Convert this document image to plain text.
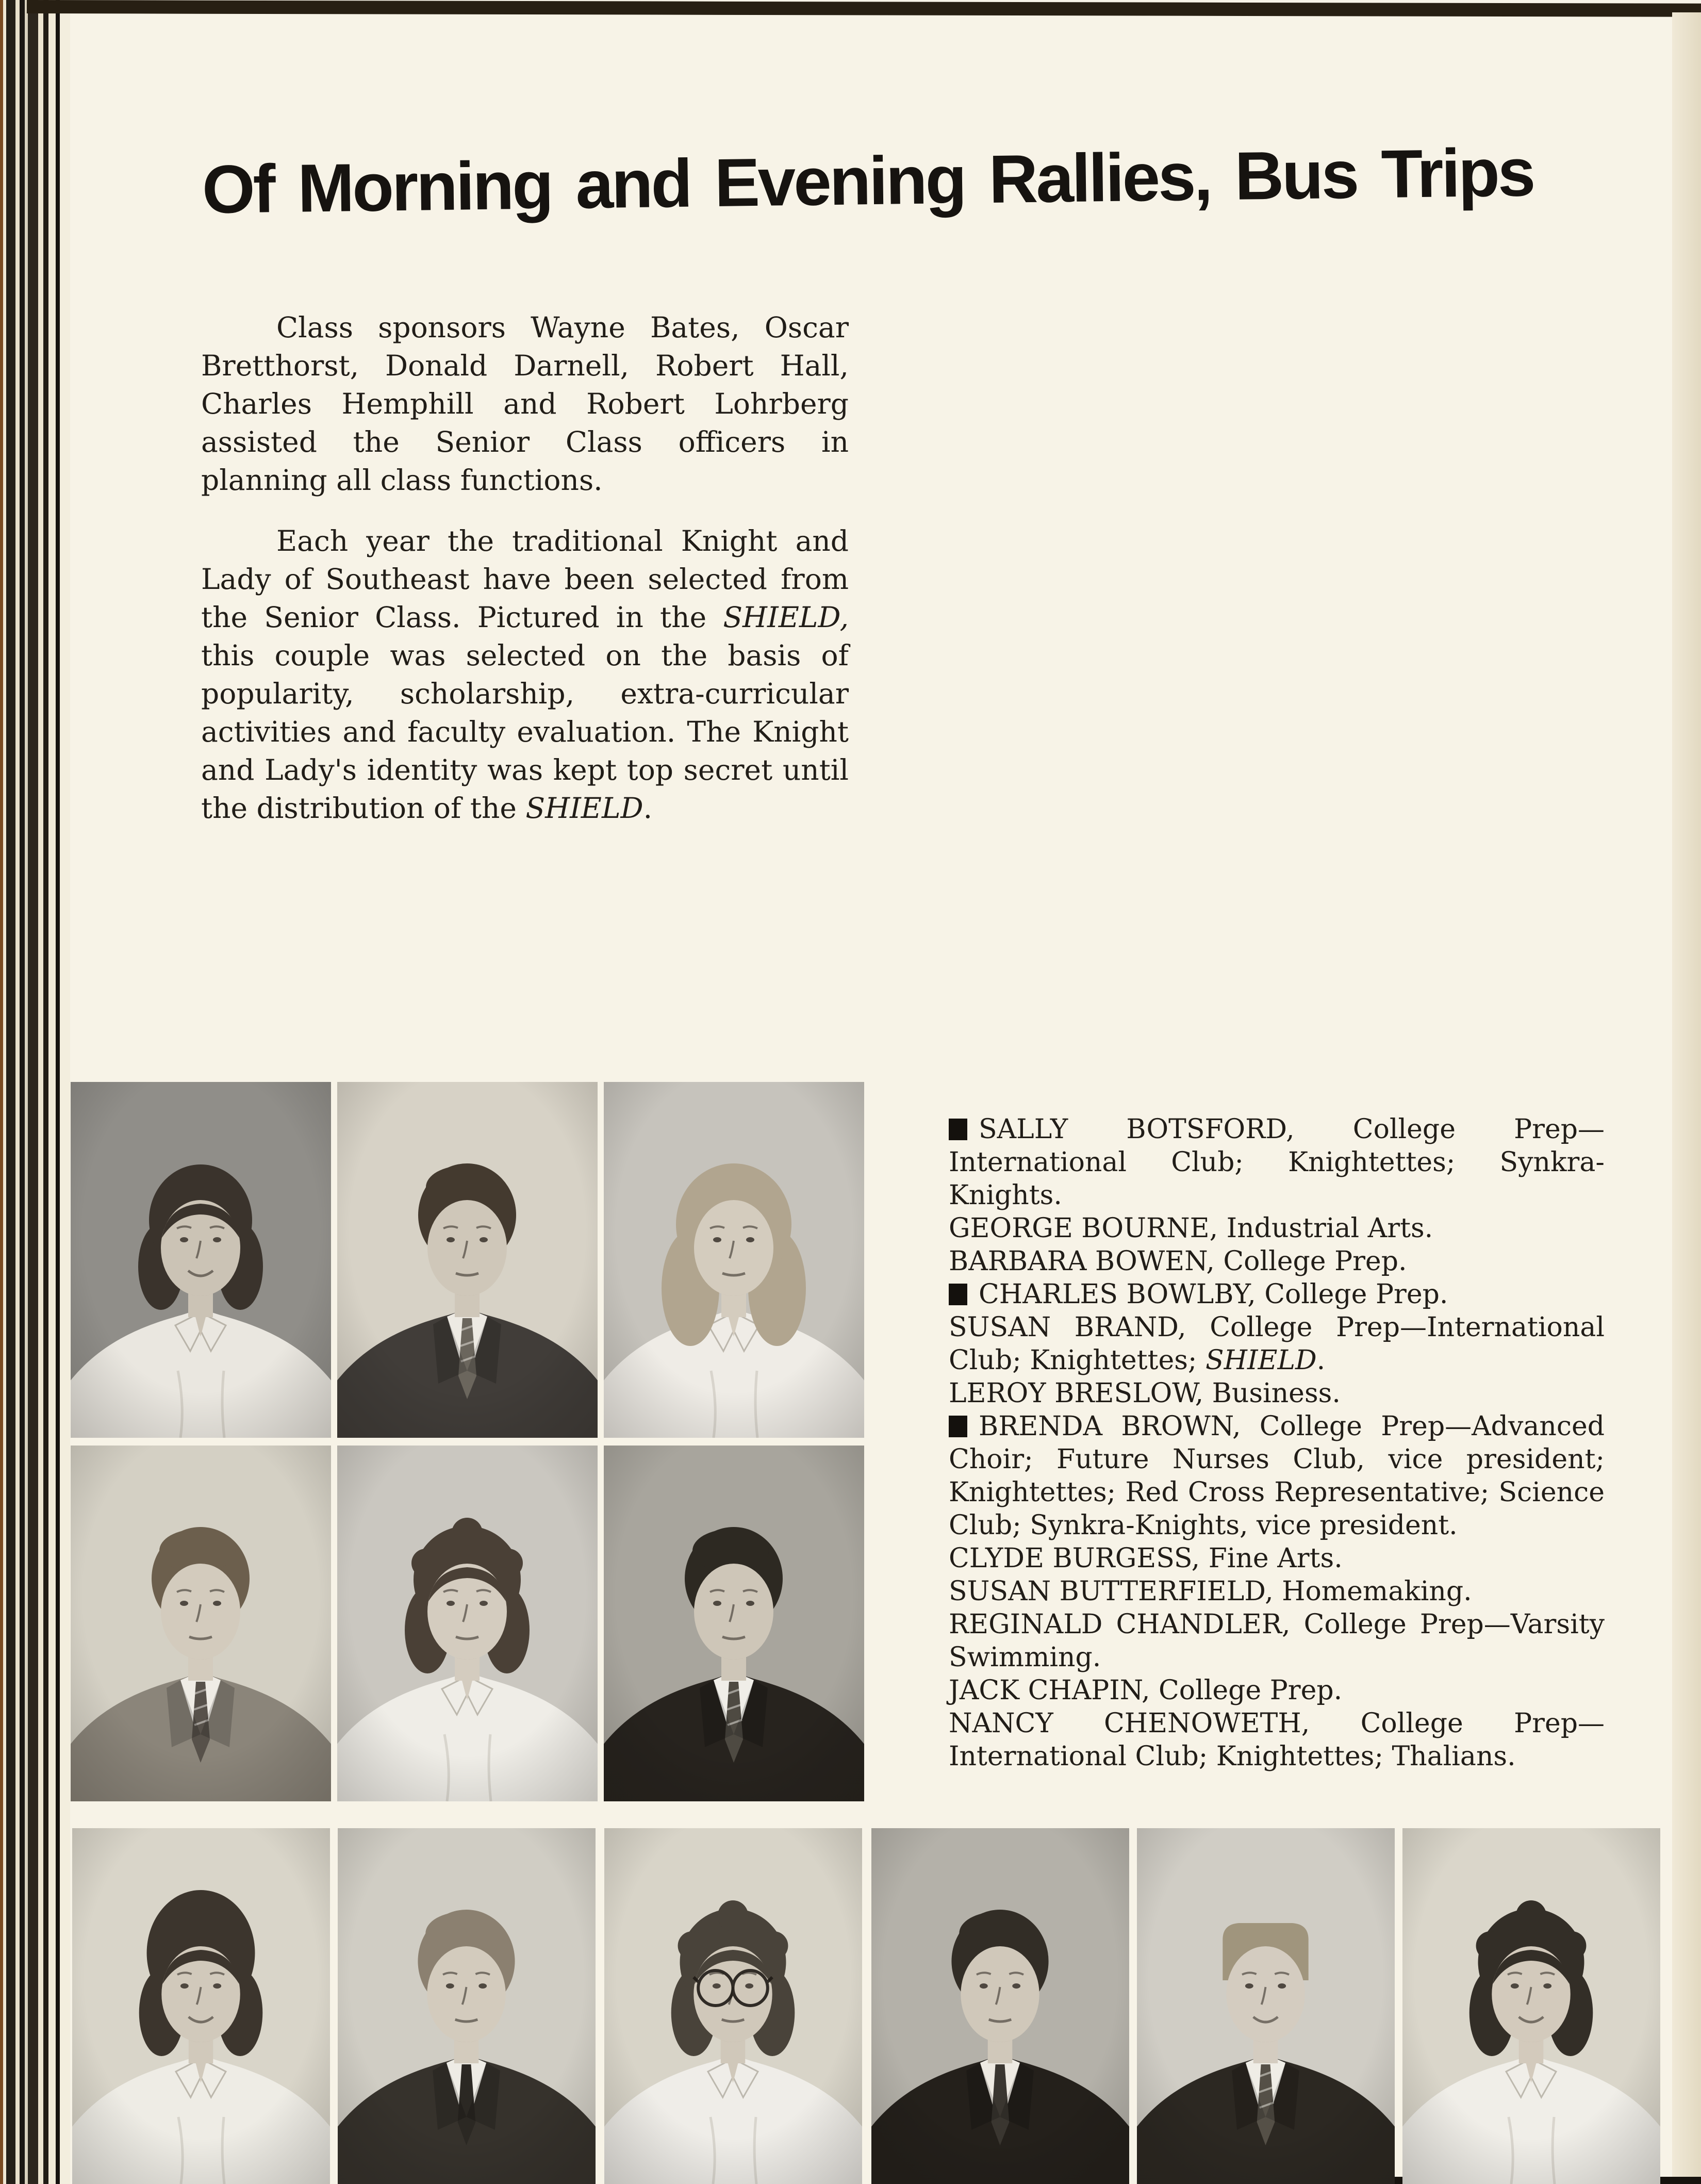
Of Morning and Evening Rallies, Bus Trips

Class sponsors Wayne Bates, Oscar Bretthorst, Donald Darnell, Robert Hall, Charles Hemphill and Robert Lohrberg assisted the Senior Class officers in planning all class functions.

Each year the traditional Knight and Lady of Southeast have been selected from the Senior Class. Pictured in the SHIELD, this couple was selected on the basis of popularity, scholarship, extra-curricular activities and faculty evaluation. The Knight and Lady's identity was kept top secret until the distribution of the SHIELD.

SALLY BOTSFORD, College Prep—International Club; Knightettes; Synkra-Knights.

GEORGE BOURNE, Industrial Arts.

BARBARA BOWEN, College Prep.

CHARLES BOWLBY, College Prep.

SUSAN BRAND, College Prep—International Club; Knightettes; SHIELD.

LEROY BRESLOW, Business.

BRENDA BROWN, College Prep—Advanced Choir; Future Nurses Club, vice president; Knightettes; Red Cross Representative; Science Club; Synkra-Knights, vice president.

CLYDE BURGESS, Fine Arts.

SUSAN BUTTERFIELD, Homemaking.

REGINALD CHANDLER, College Prep—Varsity Swimming.

JACK CHAPIN, College Prep.

NANCY CHENOWETH, College Prep—International Club; Knightettes; Thalians.
